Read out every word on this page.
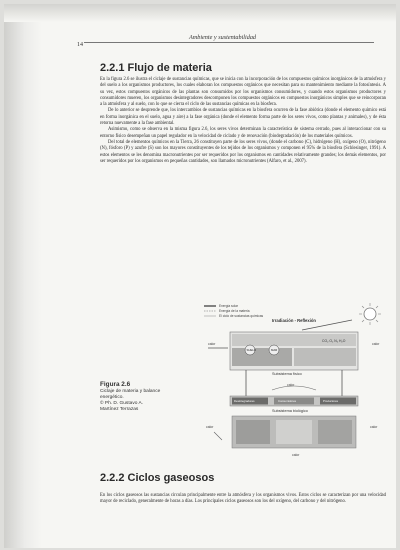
Ambiente y sustentabilidad
14
2.2.1 Flujo de materia

En la figura 2.6 se ilustra el ciclaje de sustancias químicas, que se inicia con la incorporación de los compuestos químicos inorgánicos de la atmósfera y del suelo a los organismos productores, los cuales elaboran los compuestos orgánicos que necesitan para su mantenimiento mediante la fotosíntesis. A su vez, estos compuestos orgánicos de las plantas son consumidos por los organismos consumidores, y cuando estos organismos productores y consumidores mueren, los organismos desintegradores descomponen los compuestos orgánicos en compuestos inorgánicos simples que se reincorporan a la atmósfera y al suelo, con lo que se cierra el ciclo de las sustancias químicas en la biosfera.

De lo anterior se desprende que, los intercambios de sustancias químicas en la biosfera ocurren de la fase abiótica (donde el elemento químico está en forma inorgánica en el suelo, agua y aire) a la fase orgánica (donde el elemento forma parte de los seres vivos, como plantas y animales), y de ésta retorna nuevamente a la fase ambiental.

Asimismo, como se observa en la misma figura 2.6, los seres vivos determinan la característica de sistema cerrado, pues al interaccionar con su entorno físico desempeñan un papel regulador en la velocidad de ciclado y de renovación (biodegradación) de los materiales químicos.

Del total de elementos químicos en la Tierra, 26 constituyen parte de los seres vivos, (donde el carbono (C), hidrógeno (H), oxígeno (O), nitrógeno (N), fósforo (P) y azufre (S) son los mayores constituyentes de los tejidos de los organismos y componen el 95% de la biosfera (Schlesinger, 1991). A estos elementos se les denomina macronutrientes por ser requeridos por los organismos en cantidades relativamente grandes; los demás elementos, por ser requeridos por los organismos en pequeñas cantidades, son llamados micronutrientes (Alfaro, et al., 2007).

Energía solar
Energía de la materia
El ciclo de sustancias químicas
Irradiación - Reflexión
CO₂ O₂ N₂ H₂O
SUELO	MAR
Subsistema físico
calor	calor
calor
Desintegradores	Consumidores	Productores
Subsistema biológico
calor
calor
calor
Figura 2.6
Ciclaje de materia y balance energético.
© Ph. D. Gustavo A.
Martínez Terrazas
2.2.2 Ciclos gaseosos

En los ciclos gaseosos las sustancias circulan principalmente entre la atmósfera y los organismos vivos. Estos ciclos se caracterizan por una velocidad mayor de reciclado, generalmente de horas a días. Los principales ciclos gaseosos son los del oxígeno, del carbono y del nitrógeno.
